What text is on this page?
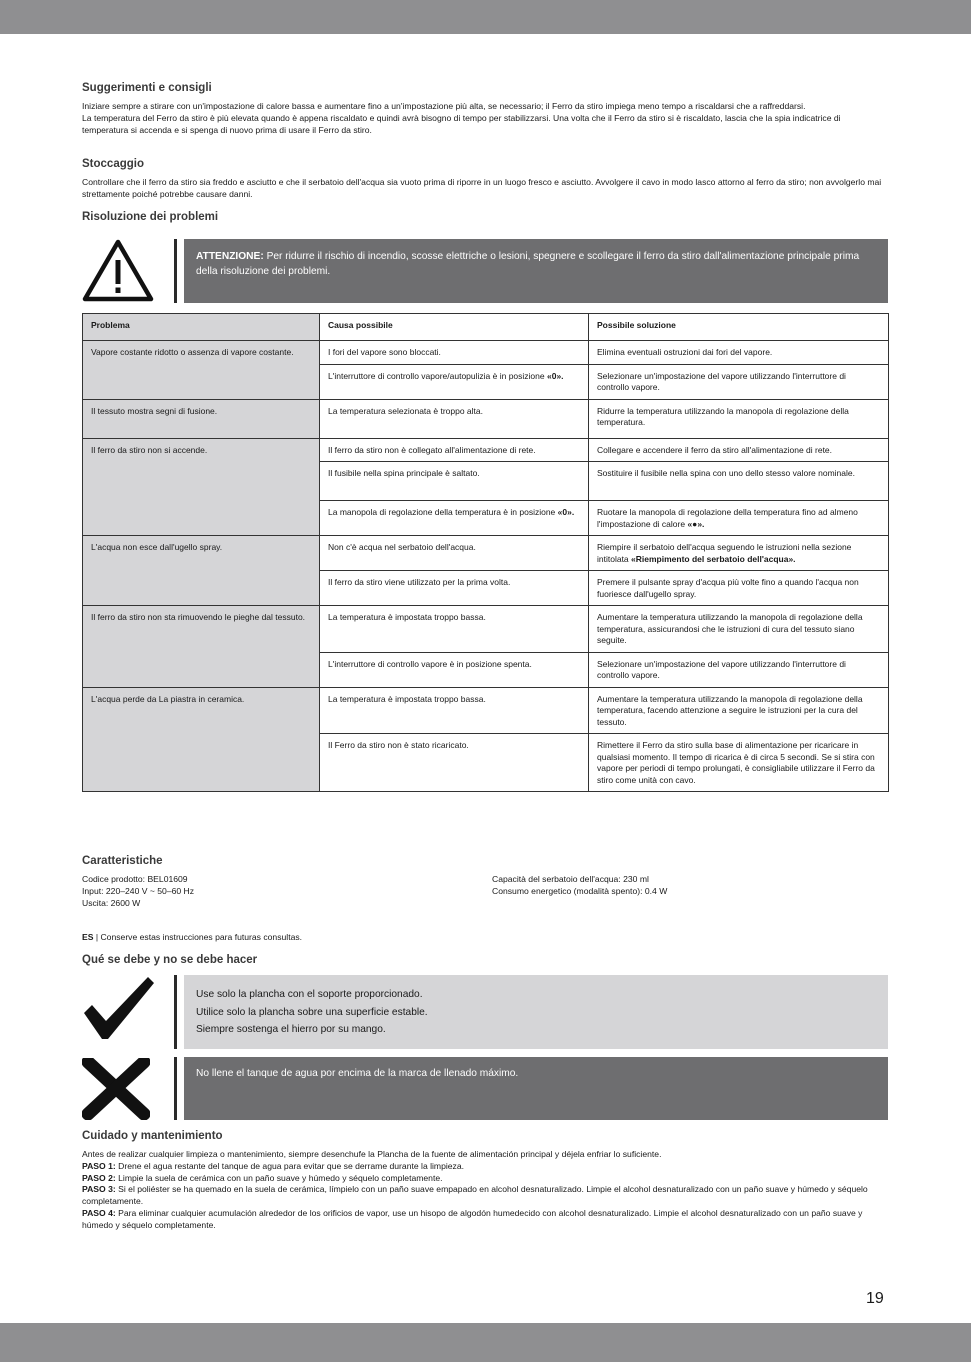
Suggerimenti e consigli

Iniziare sempre a stirare con un'impostazione di calore bassa e aumentare fino a un'impostazione più alta, se necessario; il Ferro da stiro impiega meno tempo a riscaldarsi che a raffreddarsi.

La temperatura del Ferro da stiro è più elevata quando è appena riscaldato e quindi avrà bisogno di tempo per stabilizzarsi. Una volta che il Ferro da stiro si è riscaldato, lascia che la spia indicatrice di temperatura si accenda e si spenga di nuovo prima di usare il Ferro da stiro.

Stoccaggio

Controllare che il ferro da stiro sia freddo e asciutto e che il serbatoio dell'acqua sia vuoto prima di riporre in un luogo fresco e asciutto. Avvolgere il cavo in modo lasco attorno al ferro da stiro; non avvolgerlo mai strettamente poiché potrebbe causare danni.

Risoluzione dei problemi
ATTENZIONE: Per ridurre il rischio di incendio, scosse elettriche o lesioni, spegnere e scollegare il ferro da stiro dall'alimentazione principale prima della risoluzione dei problemi.
Problema	Causa possibile	Possibile soluzione
Vapore costante ridotto o assenza di vapore costante.	I fori del vapore sono bloccati.	Elimina eventuali ostruzioni dai fori del vapore.
	L'interruttore di controllo vapore/autopulizia è in posizione «0».	Selezionare un'impostazione del vapore utilizzando l'interruttore di controllo vapore.
Il tessuto mostra segni di fusione.	La temperatura selezionata è troppo alta.	Ridurre la temperatura utilizzando la manopola di regolazione della temperatura.
Il ferro da stiro non si accende.	Il ferro da stiro non è collegato all'alimentazione di rete.	Collegare e accendere il ferro da stiro all'alimentazione di rete.
	Il fusibile nella spina principale è saltato.	Sostituire il fusibile nella spina con uno dello stesso valore nominale.
	La manopola di regolazione della temperatura è in posizione «0».	Ruotare la manopola di regolazione della temperatura fino ad almeno l'impostazione di calore «●».
L'acqua non esce dall'ugello spray.	Non c'è acqua nel serbatoio dell'acqua.	Riempire il serbatoio dell'acqua seguendo le istruzioni nella sezione intitolata «Riempimento del serbatoio dell'acqua».
	Il ferro da stiro viene utilizzato per la prima volta.	Premere il pulsante spray d'acqua più volte fino a quando l'acqua non fuoriesce dall'ugello spray.
Il ferro da stiro non sta rimuovendo le pieghe dal tessuto.	La temperatura è impostata troppo bassa.	Aumentare la temperatura utilizzando la manopola di regolazione della temperatura, assicurandosi che le istruzioni di cura del tessuto siano seguite.
	L'interruttore di controllo vapore è in posizione spenta.	Selezionare un'impostazione del vapore utilizzando l'interruttore di controllo vapore.
L'acqua perde da La piastra in ceramica.	La temperatura è impostata troppo bassa.	Aumentare la temperatura utilizzando la manopola di regolazione della temperatura, facendo attenzione a seguire le istruzioni per la cura del tessuto.
	Il Ferro da stiro non è stato ricaricato.	Rimettere il Ferro da stiro sulla base di alimentazione per ricaricare in qualsiasi momento. Il tempo di ricarica è di circa 5 secondi. Se si stira con vapore per periodi di tempo prolungati, è consigliabile utilizzare il Ferro da stiro come unità con cavo.
Caratteristiche

Codice prodotto: BEL01609

Input: 220–240 V ~ 50–60 Hz

Uscita: 2600 W

Capacità del serbatoio dell'acqua: 230 ml

Consumo energetico (modalità spento): 0.4 W

ES | Conserve estas instrucciones para futuras consultas.

Qué se debe y no se debe hacer
Use solo la plancha con el soporte proporcionado.
Utilice solo la plancha sobre una superficie estable.
Siempre sostenga el hierro por su mango.
No llene el tanque de agua por encima de la marca de llenado máximo.
Cuidado y mantenimiento

Antes de realizar cualquier limpieza o mantenimiento, siempre desenchufe la Plancha de la fuente de alimentación principal y déjela enfriar lo suficiente.

PASO 1: Drene el agua restante del tanque de agua para evitar que se derrame durante la limpieza.

PASO 2: Limpie la suela de cerámica con un paño suave y húmedo y séquelo completamente.

PASO 3: Si el poliéster se ha quemado en la suela de cerámica, límpielo con un paño suave empapado en alcohol desnaturalizado. Limpie el alcohol desnaturalizado con un paño suave y húmedo y séquelo completamente.

PASO 4: Para eliminar cualquier acumulación alrededor de los orificios de vapor, use un hisopo de algodón humedecido con alcohol desnaturalizado. Limpie el alcohol desnaturalizado con un paño suave y húmedo y séquelo completamente.

19
